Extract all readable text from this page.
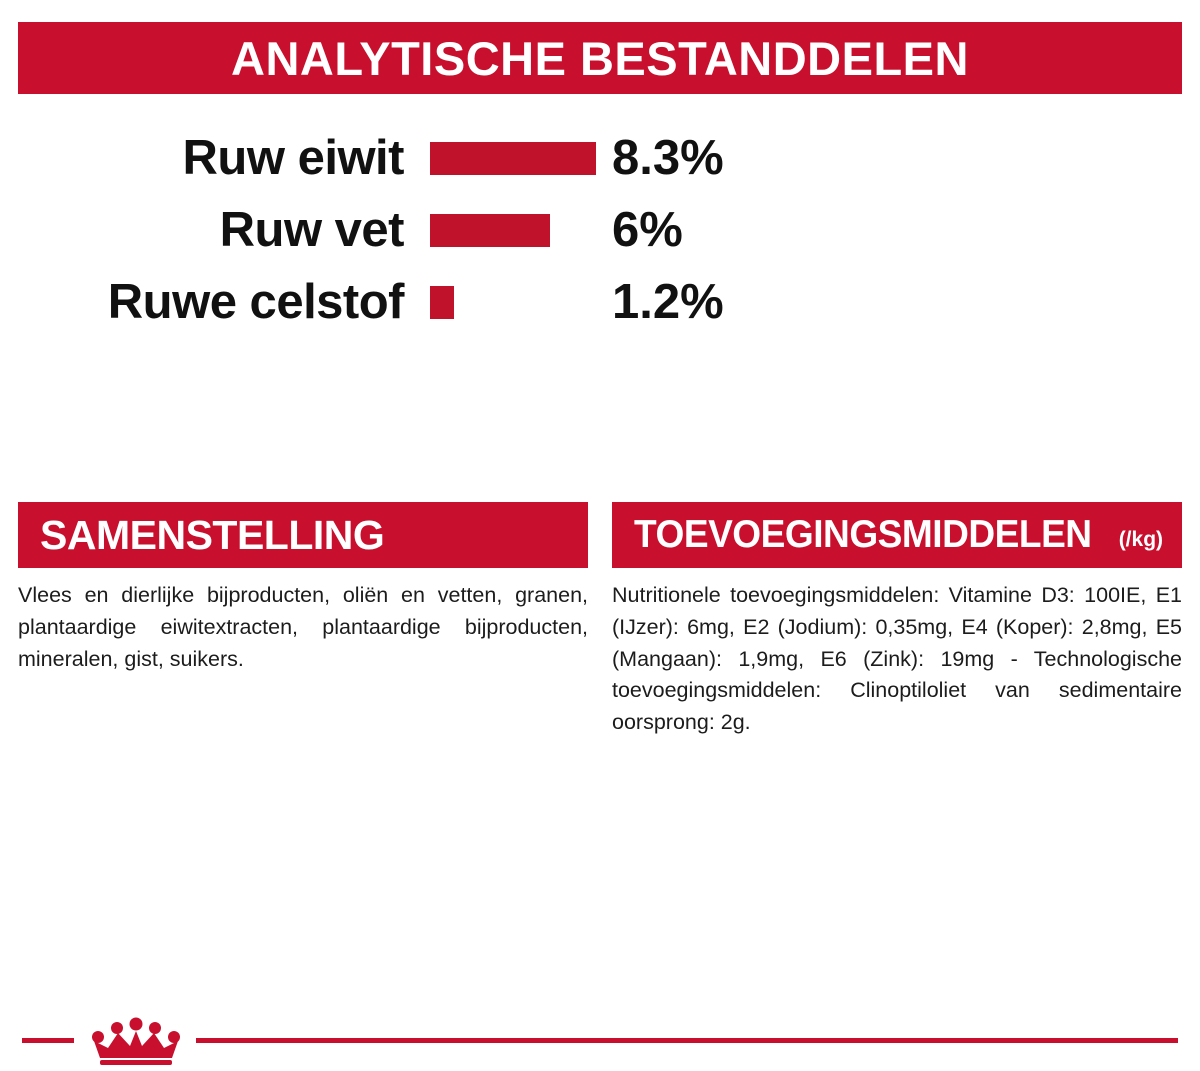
ANALYTISCHE BESTANDDELEN
Ruw eiwit	8.3%
Ruw vet	6%
Ruwe celstof	1.2%
SAMENSTELLING
Vlees en dierlijke bijproducten, oliën en vetten, granen, plantaardige eiwitextracten, plantaardige bijproducten, mineralen, gist, suikers.
TOEVOEGINGSMIDDELEN (/kg)
Nutritionele toevoegingsmiddelen: Vitamine D3: 100IE, E1 (IJzer): 6mg, E2 (Jodium): 0,35mg, E4 (Koper): 2,8mg, E5 (Mangaan): 1,9mg, E6 (Zink): 19mg - Technologische toevoegingsmiddelen: Clinoptiloliet van sedimentaire oorsprong: 2g.
